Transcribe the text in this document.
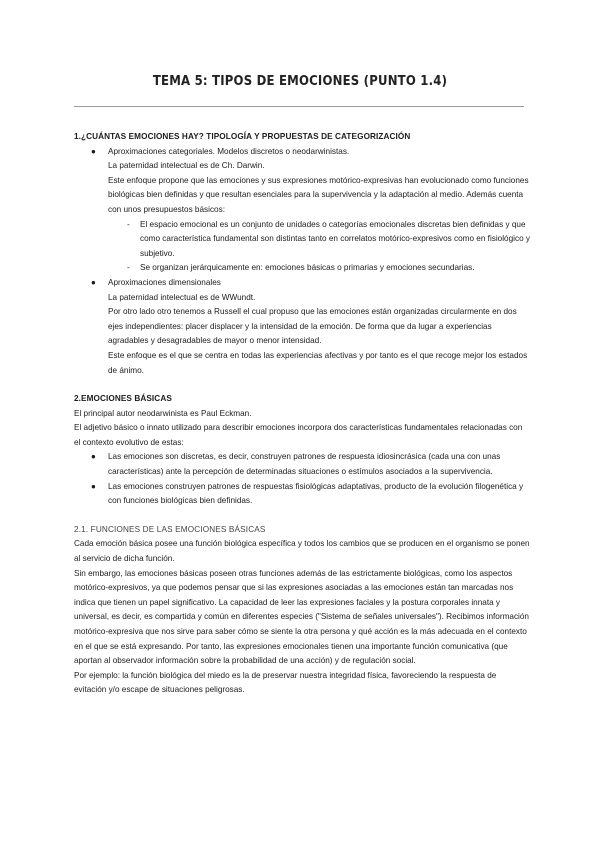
TEMA 5: TIPOS DE EMOCIONES (PUNTO 1.4)

1.¿CUÁNTAS EMOCIONES HAY? TIPOLOGÍA Y PROPUESTAS DE CATEGORIZACIÓN

● Aproximaciones categoriales. Modelos discretos o neodarwinistas.

La paternidad intelectual es de Ch. Darwin.

Este enfoque propone que las emociones y sus expresiones motórico-expresivas han evolucionado como funciones biológicas bien definidas y que resultan esenciales para la supervivencia y la adaptación al medio. Además cuenta con unos presupuestos básicos:

- El espacio emocional es un conjunto de unidades o categorías emocionales discretas bien definidas y que como característica fundamental son distintas tanto en correlatos motórico-expresivos como en fisiológico y subjetivo.

- Se organizan jerárquicamente en: emociones básicas o primarias y emociones secundarias.

● Aproximaciones dimensionales

La paternidad intelectual es de WWundt.

Por otro lado otro tenemos a Russell el cual propuso que las emociones están organizadas circularmente en dos ejes independientes: placer displacer y la intensidad de la emoción. De forma que da lugar a experiencias agradables y desagradables de mayor o menor intensidad.

Este enfoque es el que se centra en todas las experiencias afectivas y por tanto es el que recoge mejor los estados de ánimo.

2.EMOCIONES BÁSICAS

El principal autor neodarwinista es Paul Eckman.

El adjetivo básico o innato utilizado para describir emociones incorpora dos características fundamentales relacionadas con el contexto evolutivo de estas:

● Las emociones son discretas, es decir, construyen patrones de respuesta idiosincrásica (cada una con unas características) ante la percepción de determinadas situaciones o estímulos asociados a la supervivencia.

● Las emociones construyen patrones de respuestas fisiológicas adaptativas, producto de la evolución filogenética y con funciones biológicas bien definidas.

2.1. FUNCIONES DE LAS EMOCIONES BÁSICAS

Cada emoción básica posee una función biológica específica y todos los cambios que se producen en el organismo se ponen al servicio de dicha función.

Sin embargo, las emociones básicas poseen otras funciones además de las estrictamente biológicas, como los aspectos motórico-expresivos, ya que podemos pensar que si las expresiones asociadas a las emociones están tan marcadas nos indica que tienen un papel significativo. La capacidad de leer las expresiones faciales y la postura corporales innata y universal, es decir, es compartida y común en diferentes especies ("Sistema de señales universales"). Recibimos información motórico-expresiva que nos sirve para saber cómo se siente la otra persona y qué acción es la más adecuada en el contexto en el que se está expresando. Por tanto, las expresiones emocionales tienen una importante función comunicativa (que aportan al observador información sobre la probabilidad de una acción) y de regulación social.

Por ejemplo: la función biológica del miedo es la de preservar nuestra integridad física, favoreciendo la respuesta de evitación y/o escape de situaciones peligrosas.
